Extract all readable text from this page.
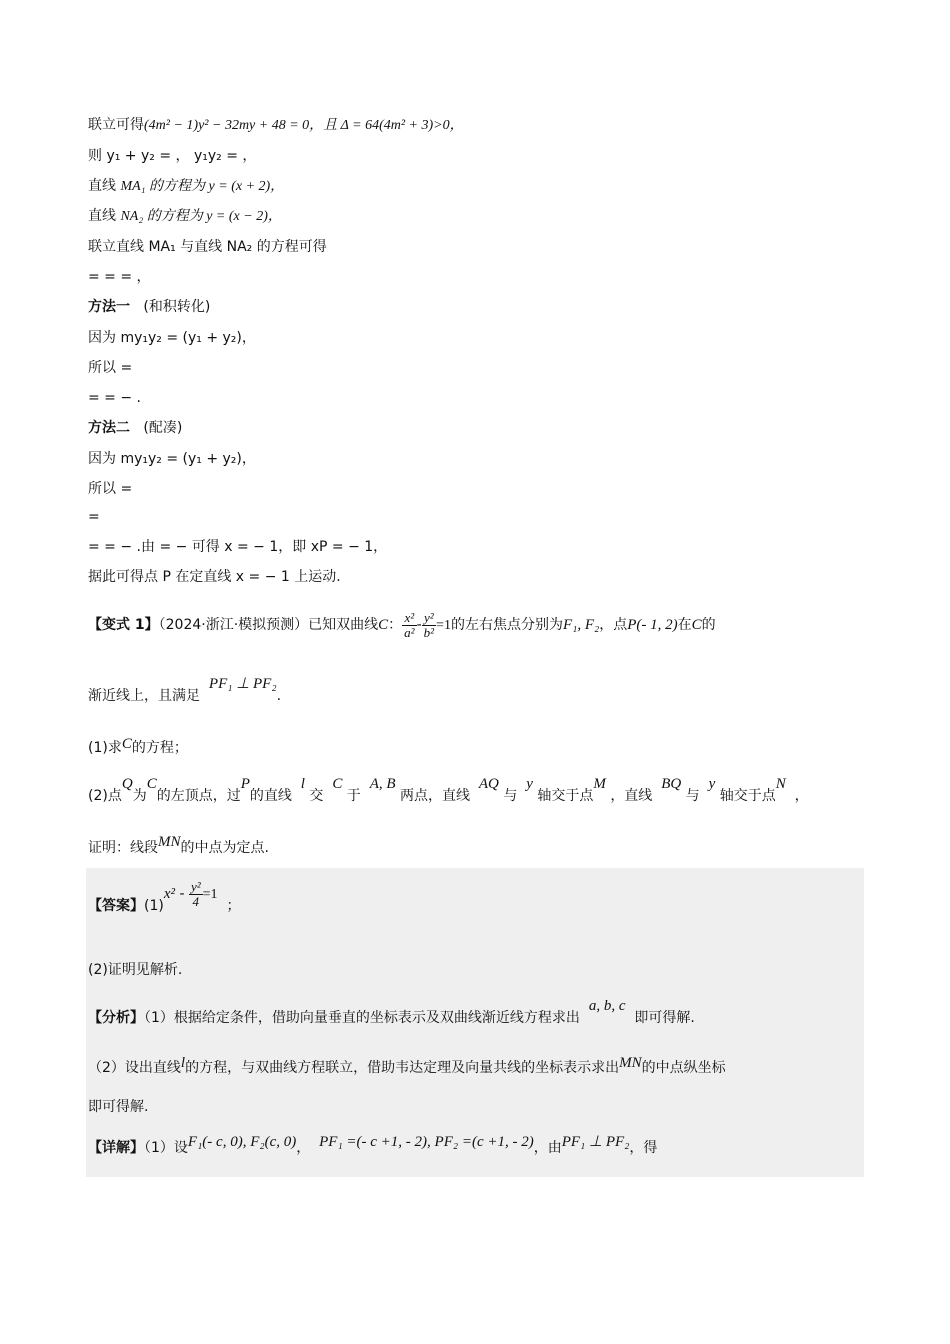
联立可得(4m² − 1)y² − 32my + 48 = 0，且 Δ = 64(4m² + 3)>0，
则 y₁ + y₂ = ， y₁y₂ = ，
直线 MA₁ 的方程为 y = (x + 2)，
直线 NA₂ 的方程为 y = (x − 2)，
联立直线 MA₁ 与直线 NA₂ 的方程可得
= = = ，
方法一 (和积转化)
因为 my₁y₂ = (y₁ + y₂)，
所以 =
= = − .
方法二 (配凑)
因为 my₁y₂ = (y₁ + y₂)，
所以 =
=
= = − .由 = − 可得 x = − 1，即 xP = − 1，
据此可得点 P 在定直线 x = − 1 上运动.
【变式 1】（2024·浙江·模拟预测）已知双曲线C： $\frac{\text{x²}}{\text{a²}} - \frac{\text{y²}}{\text{b²}} =1$的左右焦点分别为F₁, F₂，点P(- 1, 2)在C的
渐近线上，且满足  PF₁ ⊥ PF₂.
(1)求C的方程；
(2)点Q为C的左顶点，过P的直线  l 交  C 于  A, B 两点，直线  AQ 与  y 轴交于点M ，直线  BQ 与  y 轴交于点N  ，
证明：线段MN的中点为定点.
【答案】$(1)x^2 - \frac{\text{y²}}{4} =1$  ；
(2)证明见解析.
【分析】（1）根据给定条件，借助向量垂直的坐标表示及双曲线渐近线方程求出  a, b, c  即可得解.
（2）设出直线l的方程，与双曲线方程联立，借助韦达定理及向量共线的坐标表示求出MN的中点纵坐标
即可得解.
【详解】（1）设F₁(- c, 0), F₂(c, 0)， PF₁ =(- c +1, - 2), PF₂ =(c +1, - 2)，由PF₁ ⊥ PF₂，得
